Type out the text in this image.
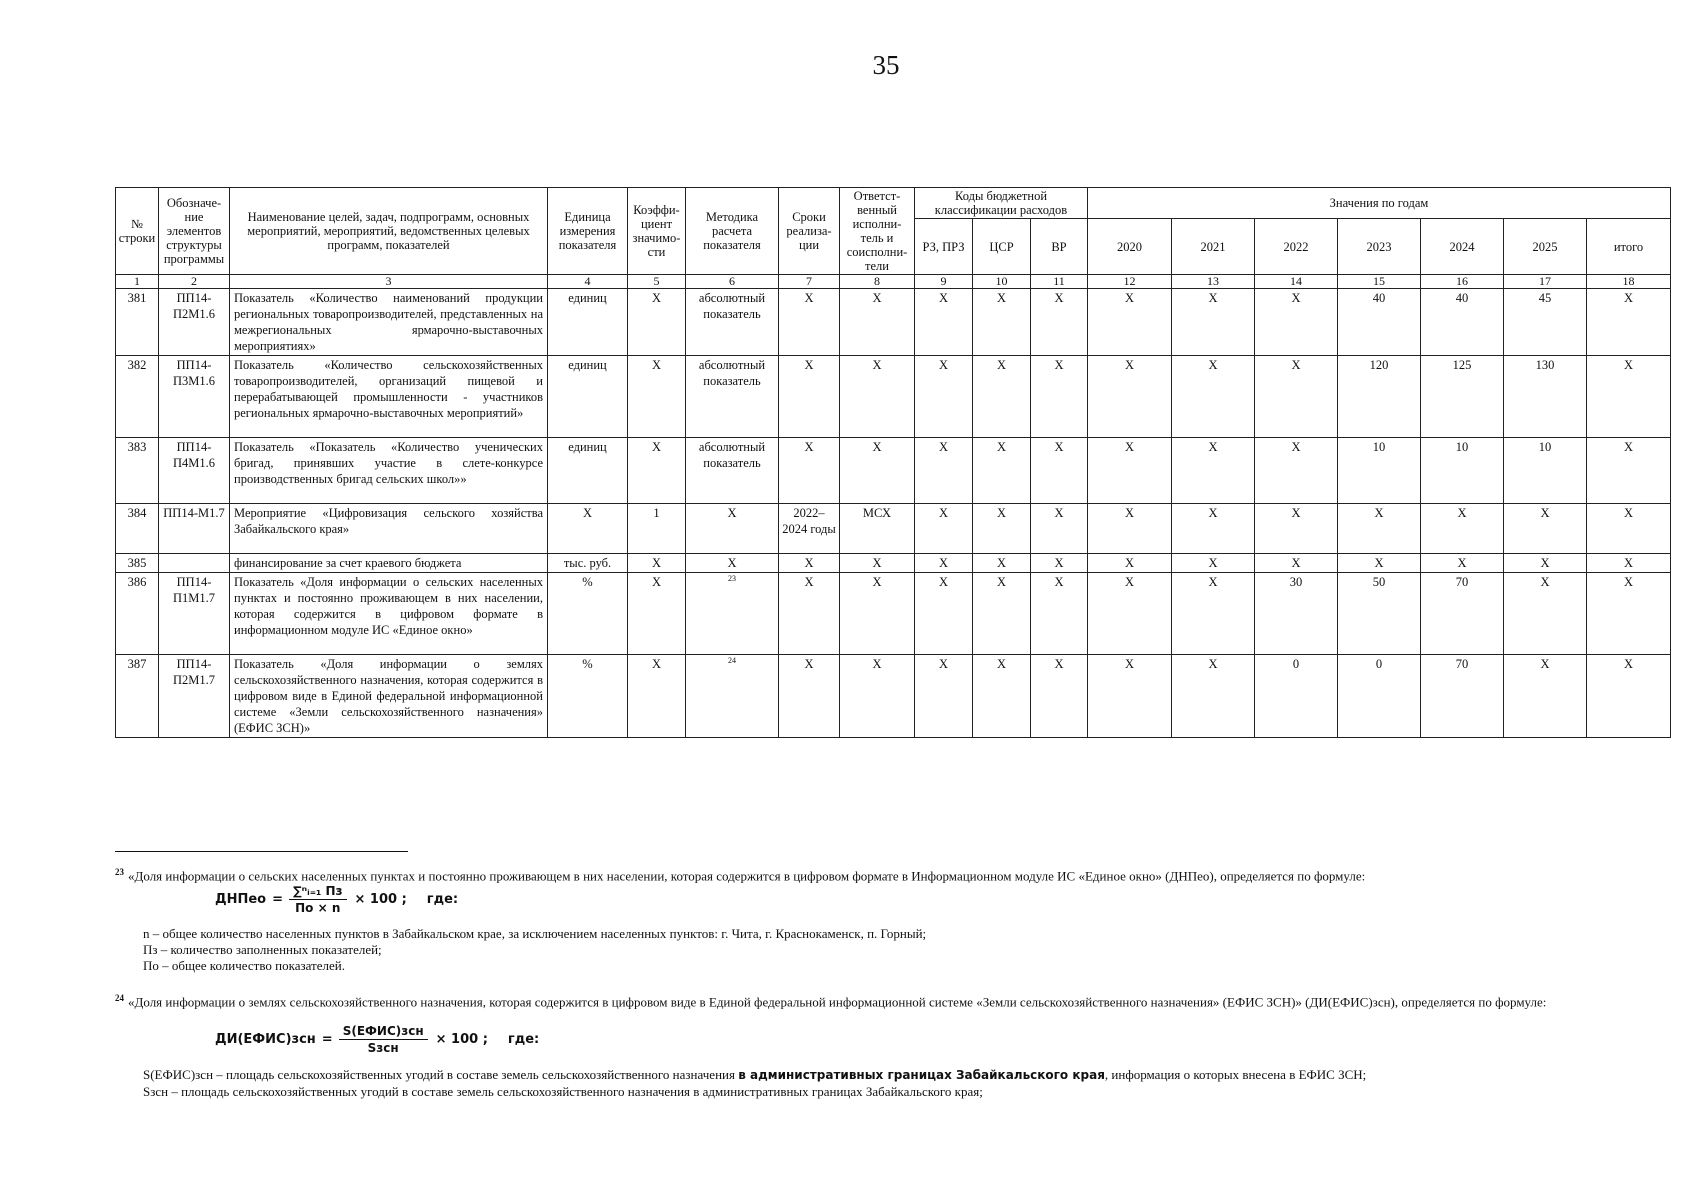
35
№ строки	Обозначе-ние элементов структуры программы	Наименование целей, задач, подпрограмм, основных мероприятий, мероприятий, ведомственных целевых программ, показателей	Единица измерения показателя	Коэффи-циент значимо-сти	Методика расчета показателя	Сроки реализа-ции	Ответст-венный исполни-тель и соисполни-тели	Коды бюджетной классификации расходов			Значения по годам						
								РЗ, ПРЗ	ЦСР	ВР	2020	2021	2022	2023	2024	2025	итого
1	2	3	4	5	6	7	8	9	10	11	12	13	14	15	16	17	18
381	ПП14-П2М1.6	Показатель «Количество наименований продукции региональных товаропроизводителей, представленных на межрегиональных ярмарочно-выставочных мероприятиях»	единиц	Х	абсолютный показатель	Х	Х	Х	Х	Х	Х	Х	Х	40	40	45	Х
382	ПП14-П3М1.6	Показатель «Количество сельскохозяйственных товаропроизводителей, организаций пищевой и перерабатывающей промышленности - участников региональных ярмарочно-выставочных мероприятий»	единиц	Х	абсолютный показатель	Х	Х	Х	Х	Х	Х	Х	Х	120	125	130	Х
383	ПП14-П4М1.6	Показатель «Показатель «Количество ученических бригад, принявших участие в слете-конкурсе производственных бригад сельских школ»»	единиц	Х	абсолютный показатель	Х	Х	Х	Х	Х	Х	Х	Х	10	10	10	Х
384	ПП14-М1.7	Мероприятие «Цифровизация сельского хозяйства Забайкальского края»	Х	1	Х	2022–2024 годы	МСХ	Х	Х	Х	Х	Х	Х	Х	Х	Х	Х
385		финансирование за счет краевого бюджета	тыс. руб.	Х	Х	Х	Х	Х	Х	Х	Х	Х	Х	Х	Х	Х	Х
386	ПП14-П1М1.7	Показатель «Доля информации о сельских населенных пунктах и постоянно проживающем в них населении, которая содержится в цифровом формате в информационном модуле ИС «Единое окно»	%	Х	$^{23}$	Х	Х	Х	Х	Х	Х	Х	30	50	70	Х	Х
387	ПП14-П2М1.7	Показатель «Доля информации о землях сельскохозяйственного назначения, которая содержится в цифровом виде в Единой федеральной информационной системе «Земли сельскохозяйственного назначения» (ЕФИС ЗСН)»	%	Х	$^{24}$	Х	Х	Х	Х	Х	Х	Х	0	0	70	Х	Х
$^{23}$ «Доля информации о сельских населенных пунктах и постоянно проживающем в них населении, которая содержится в цифровом формате в Информационном модуле ИС «Единое окно» (ДНПео), определяется по формуле:
ДНПео = $\frac{\text{∑ⁿᵢ₌₁ Пз}}{По \times n} \times 100$ ; где:
n – общее количество населенных пунктов в Забайкальском крае, за исключением населенных пунктов: г. Чита, г. Краснокаменск, п. Горный;
Пз – количество заполненных показателей;
По – общее количество показателей.
$^{24}$ «Доля информации о землях сельскохозяйственного назначения, которая содержится в цифровом виде в Единой федеральной информационной системе «Земли сельскохозяйственного назначения» (ЕФИС ЗСН)» (ДИ(ЕФИС)зсн), определяется по формуле:
ДИ(ЕФИС)зсн = $\frac{\text{S(ЕФИС)зсн}}{\text{Sзсн}} \times 100$ ; где:
S(ЕФИС)зсн – площадь сельскохозяйственных угодий в составе земель сельскохозяйственного назначения в административных границах Забайкальского края, информация о которых внесена в ЕФИС ЗСН;
Sзсн – площадь сельскохозяйственных угодий в составе земель сельскохозяйственного назначения в административных границах Забайкальского края;
